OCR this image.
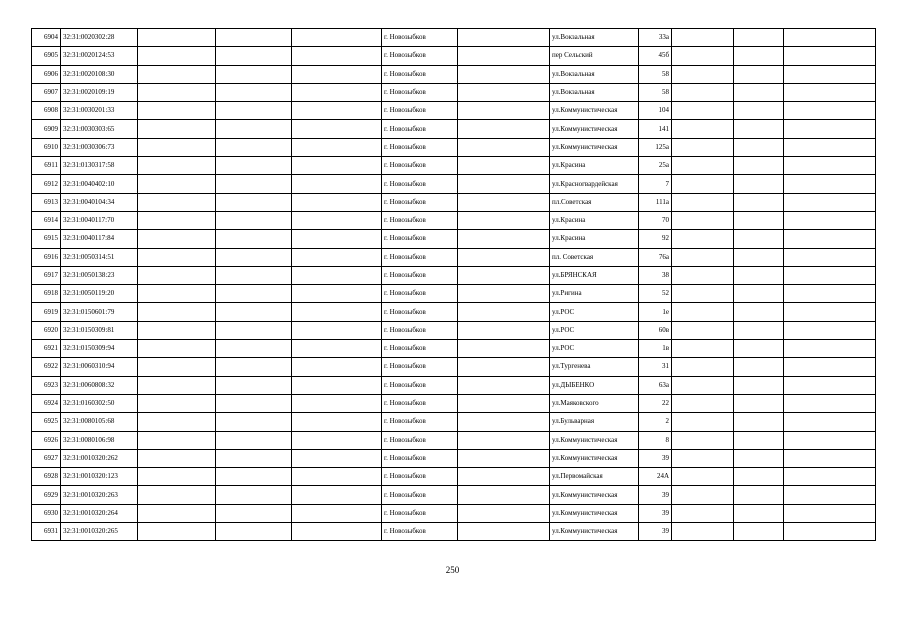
6904	32:31:0020302:28				г. Новозыбков		ул.Вокзальная	33а			
6905	32:31:0020124:53				г. Новозыбков		пер Сельский	45б			
6906	32:31:0020108:30				г. Новозыбков		ул.Вокзальная	58			
6907	32:31:0020109:19				г. Новозыбков		ул.Вокзальная	58			
6908	32:31:0030201:33				г. Новозыбков		ул.Коммунистическая	104			
6909	32:31:0030303:65				г. Новозыбков		ул.Коммунистическая	141			
6910	32:31:0030306:73				г. Новозыбков		ул.Коммунистическая	125а			
6911	32:31:0130317:58				г. Новозыбков		ул.Красина	25а			
6912	32:31:0040402:10				г. Новозыбков		ул.Красногвардейская	7			
6913	32:31:0040104:34				г. Новозыбков		пл.Советская	111а			
6914	32:31:0040117:70				г. Новозыбков		ул.Красина	70			
6915	32:31:0040117:84				г. Новозыбков		ул.Красина	92			
6916	32:31:0050314:51				г. Новозыбков		пл. Советская	76а			
6917	32:31:0050138:23				г. Новозыбков		ул.БРЯНСКАЯ	38			
6918	32:31:0050119:20				г. Новозыбков		ул.Ригина	52			
6919	32:31:0150601:79				г. Новозыбков		ул.РОС	1е			
6920	32:31:0150309:81				г. Новозыбков		ул.РОС	60в			
6921	32:31:0150309:94				г. Новозыбков		ул.РОС	1в			
6922	32:31:0060310:94				г. Новозыбков		ул.Тургенева	31			
6923	32:31:0060808:32				г. Новозыбков		ул.ДЫБЕНКО	63а			
6924	32:31:0160302:50				г. Новозыбков		ул.Маяковского	22			
6925	32:31:0080105:68				г. Новозыбков		ул.Бульварная	2			
6926	32:31:0080106:98				г. Новозыбков		ул.Коммунистическая	8			
6927	32:31:0010320:262				г. Новозыбков		ул.Коммунистическая	39			
6928	32:31:0010320:123				г. Новозыбков		ул.Первомайская	24А			
6929	32:31:0010320:263				г. Новозыбков		ул.Коммунистическая	39			
6930	32:31:0010320:264				г. Новозыбков		ул.Коммунистическая	39			
6931	32:31:0010320:265				г. Новозыбков		ул.Коммунистическая	39			
250
